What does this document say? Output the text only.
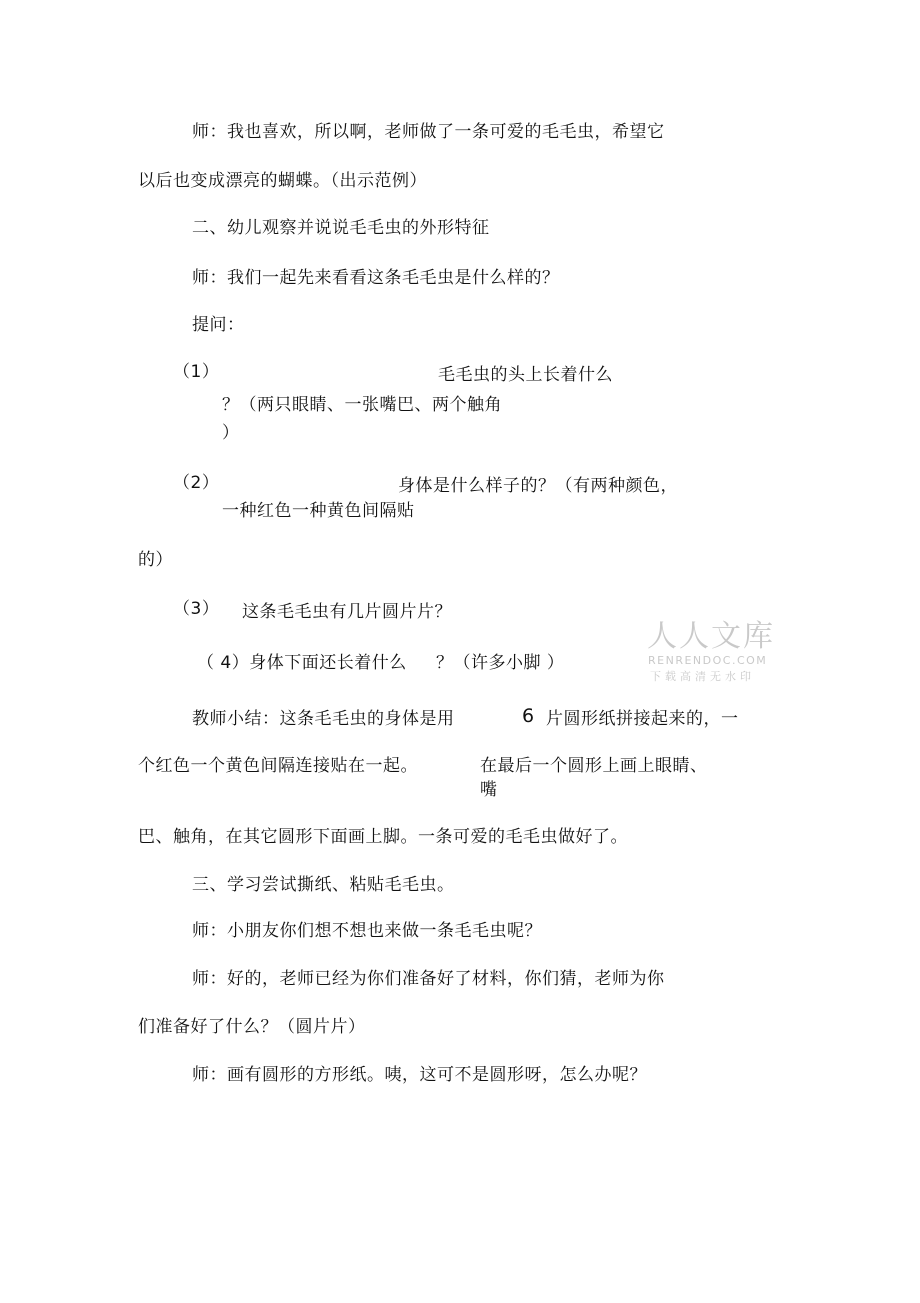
师：我也喜欢，所以啊，老师做了一条可爱的毛毛虫，希望它
以后也变成漂亮的蝴蝶。（出示范例）
二、幼儿观察并说说毛毛虫的外形特征
师：我们一起先来看看这条毛毛虫是什么样的？
提问：
（1）	毛毛虫的头上长着什么
？（两只眼睛、一张嘴巴、两个触角
）
（2）	身体是什么样子的？（有两种颜色，
一种红色一种黄色间隔贴
的）
（3） 这条毛毛虫有几片圆片片？
（ 4）身体下面还长着什么 ？（许多小脚 ）
教师小结：这条毛毛虫的身体是用	6 片圆形纸拼接起来的，一
个红色一个黄色间隔连接贴在一起。	在最后一个圆形上画上眼睛、
嘴
巴、触角，在其它圆形下面画上脚。一条可爱的毛毛虫做好了。
三、学习尝试撕纸、粘贴毛毛虫。
师：小朋友你们想不想也来做一条毛毛虫呢？
师：好的，老师已经为你们准备好了材料，你们猜，老师为你
们准备好了什么？（圆片片）
师：画有圆形的方形纸。咦，这可不是圆形呀，怎么办呢？
人人文库
RENRENDOC.COM
下载高清无水印
